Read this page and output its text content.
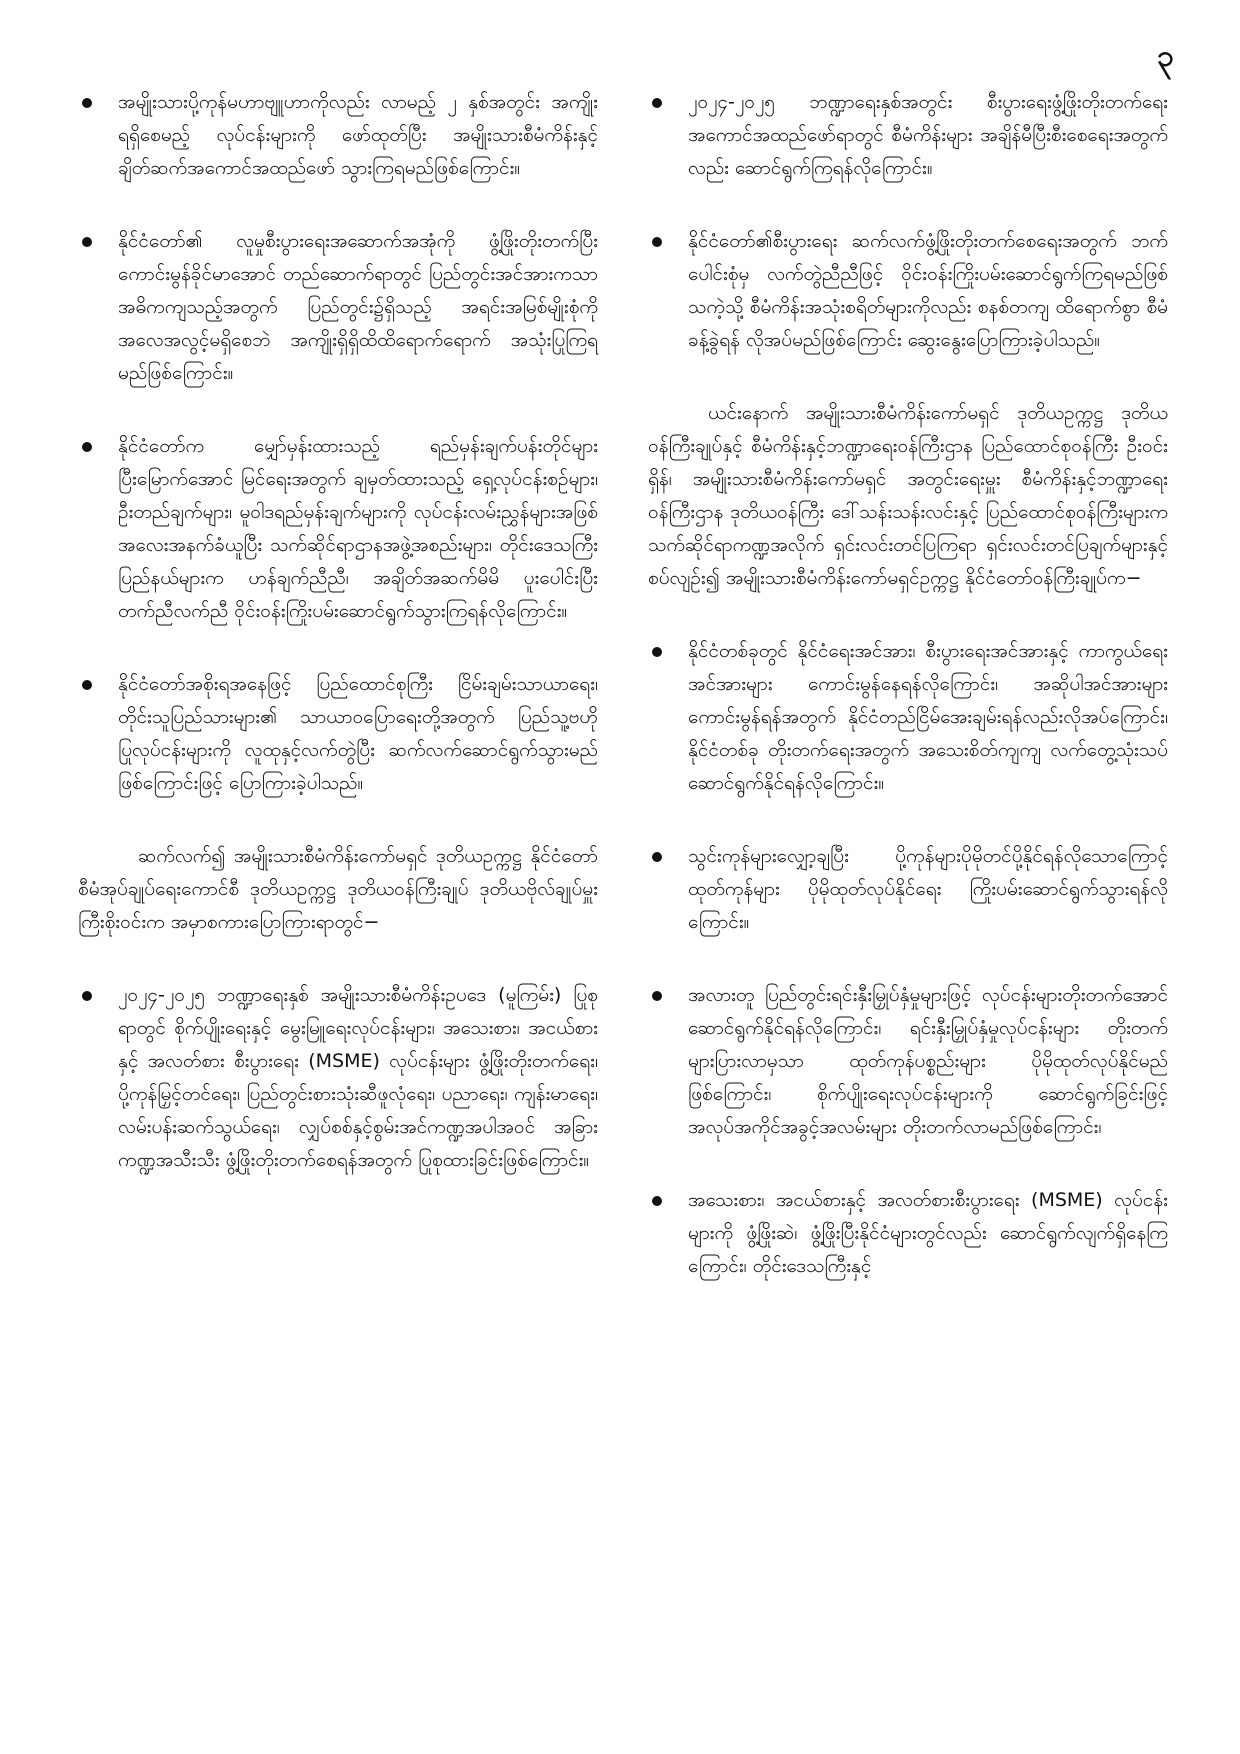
၃
အမျိုးသားပို့ကုန်မဟာဗျူဟာကိုလည်း လာမည့် ၂ နှစ်အတွင်း အကျိုးရရှိစေမည့် လုပ်ငန်းများကို ဖော်ထုတ်ပြီး အမျိုးသားစီမံကိန်းနှင့် ချိတ်ဆက်အကောင်အထည်ဖော် သွားကြရမည်ဖြစ်ကြောင်း။
နိုင်ငံတော်၏ လူမှုစီးပွားရေးအဆောက်အအုံကို ဖွံ့ဖြိုးတိုးတက်ပြီး ကောင်းမွန်ခိုင်မာအောင် တည်ဆောက်ရာတွင် ပြည်တွင်းအင်အားကသာ အဓိကကျသည့်အတွက် ပြည်တွင်း၌ရှိသည့် အရင်းအမြစ်မျိုးစုံကို အလေအလွင့်မရှိစေဘဲ အကျိုးရှိရှိထိထိရောက်ရောက် အသုံးပြုကြရမည်ဖြစ်ကြောင်း။
နိုင်ငံတော်က မျှော်မှန်းထားသည့် ရည်မှန်းချက်ပန်းတိုင်များ ပြီးမြောက်အောင် မြင်ရေးအတွက် ချမှတ်ထားသည့် ရှေ့လုပ်ငန်းစဉ်များ၊ ဦးတည်ချက်များ၊ မူဝါဒရည်မှန်းချက်များကို လုပ်ငန်းလမ်းညွှန်များအဖြစ် အလေးအနက်ခံယူပြီး သက်ဆိုင်ရာဌာနအဖွဲ့အစည်းများ၊ တိုင်းဒေသကြီးပြည်နယ်များက ဟန်ချက်ညီညီ၊ အချိတ်အဆက်မိမိ ပူးပေါင်းပြီး တက်ညီလက်ညီ ဝိုင်းဝန်းကြိုးပမ်းဆောင်ရွက်သွားကြရန်လိုကြောင်း။
နိုင်ငံတော်အစိုးရအနေဖြင့် ပြည်ထောင်စုကြီး ငြိမ်းချမ်းသာယာရေး၊ တိုင်းသူပြည်သားများ၏ သာယာဝပြောရေးတို့အတွက် ပြည်သူ့ဗဟိုပြုလုပ်ငန်းများကို လူထုနှင့်လက်တွဲပြီး ဆက်လက်ဆောင်ရွက်သွားမည်ဖြစ်ကြောင်းဖြင့် ပြောကြားခဲ့ပါသည်။
ဆက်လက်၍ အမျိုးသားစီမံကိန်းကော်မရှင် ဒုတိယဥက္ကဋ္ဌ နိုင်ငံတော်စီမံအုပ်ချုပ်ရေးကောင်စီ ဒုတိယဥက္ကဋ္ဌ ဒုတိယဝန်ကြီးချုပ် ဒုတိယဗိုလ်ချုပ်မှူးကြီးစိုးဝင်းက အမှာစကားပြောကြားရာတွင်−
၂၀၂၄-၂၀၂၅ ဘဏ္ဍာရေးနှစ် အမျိုးသားစီမံကိန်းဥပဒေ (မူကြမ်း) ပြုစုရာတွင် စိုက်ပျိုးရေးနှင့် မွေးမြူရေးလုပ်ငန်းများ၊ အသေးစား၊ အငယ်စားနှင့် အလတ်စား စီးပွားရေး (MSME) လုပ်ငန်းများ ဖွံ့ဖြိုးတိုးတက်ရေး၊ ပို့ကုန်မြှင့်တင်ရေး၊ ပြည်တွင်းစားသုံးဆီဖူလုံရေး၊ ပညာရေး၊ ကျန်းမာရေး၊ လမ်းပန်းဆက်သွယ်ရေး၊ လျှပ်စစ်နှင့်စွမ်းအင်ကဏ္ဍအပါအဝင် အခြားကဏ္ဍအသီးသီး ဖွံ့ဖြိုးတိုးတက်စေရန်အတွက် ပြုစုထားခြင်းဖြစ်ကြောင်း။
၂၀၂၄-၂၀၂၅ ဘဏ္ဍာရေးနှစ်အတွင်း စီးပွားရေးဖွံ့ဖြိုးတိုးတက်ရေး အကောင်အထည်ဖော်ရာတွင် စီမံကိန်းများ အချိန်မီပြီးစီးစေရေးအတွက်လည်း ဆောင်ရွက်ကြရန်လိုကြောင်း။
နိုင်ငံတော်၏စီးပွားရေး ဆက်လက်ဖွံ့ဖြိုးတိုးတက်စေရေးအတွက် ဘက်ပေါင်းစုံမှ လက်တွဲညီညီဖြင့် ဝိုင်းဝန်းကြိုးပမ်းဆောင်ရွက်ကြရမည်ဖြစ်သကဲ့သို့ စီမံကိန်းအသုံးစရိတ်များကိုလည်း စနစ်တကျ ထိရောက်စွာ စီမံခန့်ခွဲရန် လိုအပ်မည်ဖြစ်ကြောင်း ဆွေးနွေးပြောကြားခဲ့ပါသည်။
ယင်းနောက် အမျိုးသားစီမံကိန်းကော်မရှင် ဒုတိယဥက္ကဋ္ဌ ဒုတိယဝန်ကြီးချုပ်နှင့် စီမံကိန်းနှင့်ဘဏ္ဍာရေးဝန်ကြီးဌာန ပြည်ထောင်စုဝန်ကြီး ဦးဝင်းရှိန်၊ အမျိုးသားစီမံကိန်းကော်မရှင် အတွင်းရေးမှူး စီမံကိန်းနှင့်ဘဏ္ဍာရေးဝန်ကြီးဌာန ဒုတိယဝန်ကြီး ဒေါ်သန်းသန်းလင်းနှင့် ပြည်ထောင်စုဝန်ကြီးများက သက်ဆိုင်ရာကဏ္ဍအလိုက် ရှင်းလင်းတင်ပြကြရာ ရှင်းလင်းတင်ပြချက်များနှင့်စပ်လျဉ်း၍ အမျိုးသားစီမံကိန်းကော်မရှင်ဥက္ကဋ္ဌ နိုင်ငံတော်ဝန်ကြီးချုပ်က−
နိုင်ငံတစ်ခုတွင် နိုင်ငံရေးအင်အား၊ စီးပွားရေးအင်အားနှင့် ကာကွယ်ရေးအင်အားများ ကောင်းမွန်နေရန်လိုကြောင်း၊ အဆိုပါအင်အားများ ကောင်းမွန်ရန်အတွက် နိုင်ငံတည်ငြိမ်အေးချမ်းရန်လည်းလိုအပ်ကြောင်း၊နိုင်ငံတစ်ခု တိုးတက်ရေးအတွက် အသေးစိတ်ကျကျ လက်တွေ့သုံးသပ်ဆောင်ရွက်နိုင်ရန်လိုကြောင်း။
သွင်းကုန်များလျှော့ချပြီး ပို့ကုန်များပိုမိုတင်ပို့နိုင်ရန်လိုသောကြောင့် ထုတ်ကုန်များ ပိုမိုထုတ်လုပ်နိုင်ရေး ကြိုးပမ်းဆောင်ရွက်သွားရန်လိုကြောင်း။
အလားတူ ပြည်တွင်းရင်းနှီးမြှုပ်နှံမှုများဖြင့် လုပ်ငန်းများတိုးတက်အောင် ဆောင်ရွက်နိုင်ရန်လိုကြောင်း၊ ရင်းနှီးမြှုပ်နှံမှုလုပ်ငန်းများ တိုးတက်များပြားလာမှသာ ထုတ်ကုန်ပစ္စည်းများ ပိုမိုထုတ်လုပ်နိုင်မည်ဖြစ်ကြောင်း၊ စိုက်ပျိုးရေးလုပ်ငန်းများကို ဆောင်ရွက်ခြင်းဖြင့် အလုပ်အကိုင်အခွင့်အလမ်းများ တိုးတက်လာမည်ဖြစ်ကြောင်း၊
အသေးစား၊ အငယ်စားနှင့် အလတ်စားစီးပွားရေး (MSME) လုပ်ငန်းများကို ဖွံ့ဖြိုးဆဲ၊ ဖွံ့ဖြိုးပြီးနိုင်ငံများတွင်လည်း ဆောင်ရွက်လျက်ရှိနေကြကြောင်း၊ တိုင်းဒေသကြီးနှင့်
